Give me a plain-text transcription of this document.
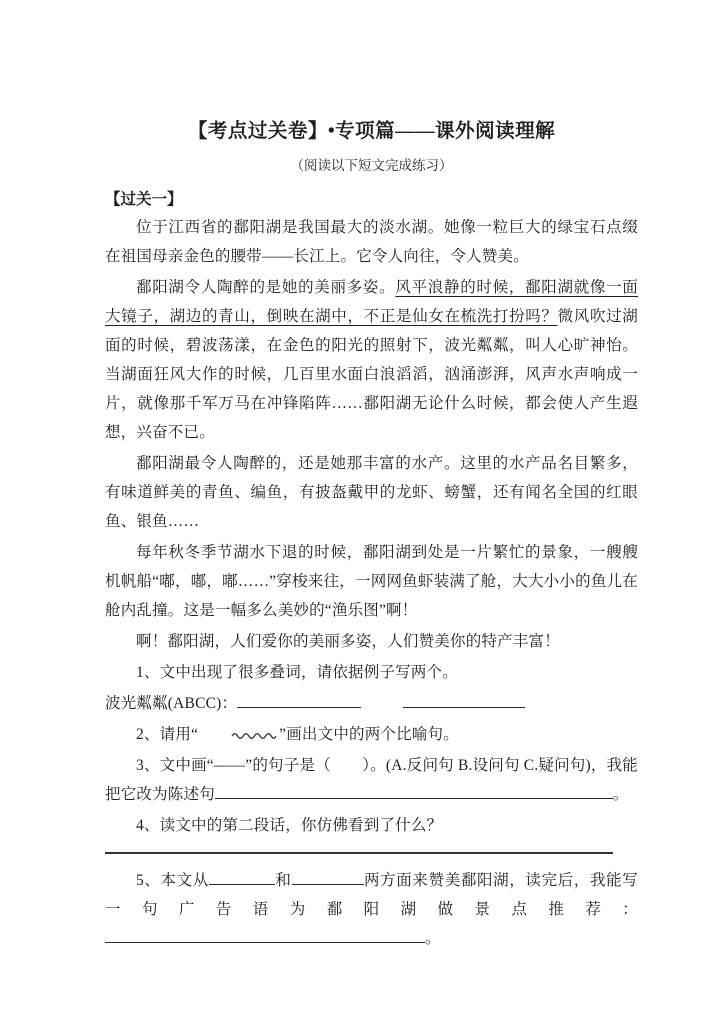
【考点过关卷】•专项篇——课外阅读理解
（阅读以下短文完成练习）
【过关一】

位于江西省的鄱阳湖是我国最大的淡水湖。她像一粒巨大的绿宝石点缀在祖国母亲金色的腰带——长江上。它令人向往，令人赞美。

鄱阳湖令人陶醉的是她的美丽多姿。风平浪静的时候，鄱阳湖就像一面大镜子，湖边的青山，倒映在湖中，不正是仙女在梳洗打扮吗？微风吹过湖面的时候，碧波荡漾，在金色的阳光的照射下，波光粼粼，叫人心旷神怡。当湖面狂风大作的时候，几百里水面白浪滔滔，汹涌澎湃，风声水声响成一片，就像那千军万马在冲锋陷阵……鄱阳湖无论什么时候，都会使人产生遐想，兴奋不已。

鄱阳湖最令人陶醉的，还是她那丰富的水产。这里的水产品名目繁多，有味道鲜美的青鱼、编鱼，有披盔戴甲的龙虾、螃蟹，还有闻名全国的红眼鱼、银鱼……

每年秋冬季节湖水下退的时候，鄱阳湖到处是一片繁忙的景象，一艘艘机帆船“嘟，嘟，嘟……”穿梭来往，一网网鱼虾装满了舱，大大小小的鱼儿在舱内乱撞。这是一幅多么美妙的“渔乐图”啊！

啊！鄱阳湖，人们爱你的美丽多姿，人们赞美你的特产丰富！

1、文中出现了很多叠词，请依据例子写两个。

波光粼粼(ABCC)：

2、请用“	”画出文中的两个比喻句。

3、文中画“——”的句子是（　　）。(A.反问句 B.设问句 C.疑问句)，我能把它改为陈述句	。

4、读文中的第二段话，你仿佛看到了什么？

5、本文从	和	两方面来赞美鄱阳湖，读完后，我能写一句广告语为鄱阳湖做景点推荐：。
